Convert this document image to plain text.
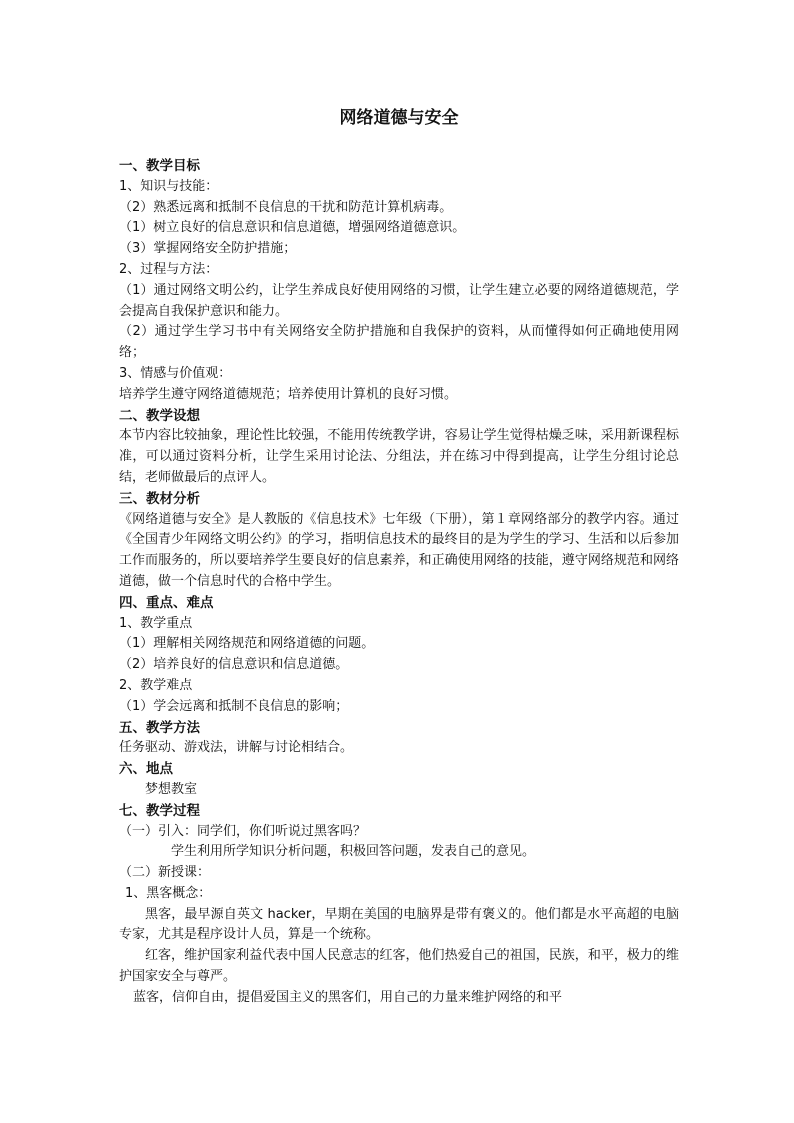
网络道德与安全

一、教学目标

1、知识与技能：

（2）熟悉远离和抵制不良信息的干扰和防范计算机病毒。

（1）树立良好的信息意识和信息道德，增强网络道德意识。

（3）掌握网络安全防护措施；

2、过程与方法：

（1）通过网络文明公约，让学生养成良好使用网络的习惯，让学生建立必要的网络道德规范，学会提高自我保护意识和能力。

（2）通过学生学习书中有关网络安全防护措施和自我保护的资料，从而懂得如何正确地使用网络；

3、情感与价值观：

培养学生遵守网络道德规范；培养使用计算机的良好习惯。

二、教学设想

本节内容比较抽象，理论性比较强，不能用传统教学讲，容易让学生觉得枯燥乏味，采用新课程标准，可以通过资料分析，让学生采用讨论法、分组法，并在练习中得到提高，让学生分组讨论总结，老师做最后的点评人。

三、教材分析

《网络道德与安全》是人教版的《信息技术》七年级（下册），第１章网络部分的教学内容。通过《全国青少年网络文明公约》的学习，指明信息技术的最终目的是为学生的学习、生活和以后参加工作而服务的，所以要培养学生要良好的信息素养，和正确使用网络的技能，遵守网络规范和网络道德，做一个信息时代的合格中学生。

四、重点、难点

1、教学重点

（1）理解相关网络规范和网络道德的问题。

（2）培养良好的信息意识和信息道德。

2、教学难点

（1）学会远离和抵制不良信息的影响；

五、教学方法

任务驱动、游戏法，讲解与讨论相结合。

六、地点

梦想教室

七、教学过程

（一）引入：同学们，你们听说过黑客吗？

学生利用所学知识分析问题，积极回答问题，发表自己的意见。

（二）新授课：

1、黑客概念：

黑客，最早源自英文 hacker，早期在美国的电脑界是带有褒义的。他们都是水平高超的电脑专家，尤其是程序设计人员，算是一个统称。

红客，维护国家利益代表中国人民意志的红客，他们热爱自己的祖国，民族，和平，极力的维护国家安全与尊严。

蓝客，信仰自由，提倡爱国主义的黑客们，用自己的力量来维护网络的和平
